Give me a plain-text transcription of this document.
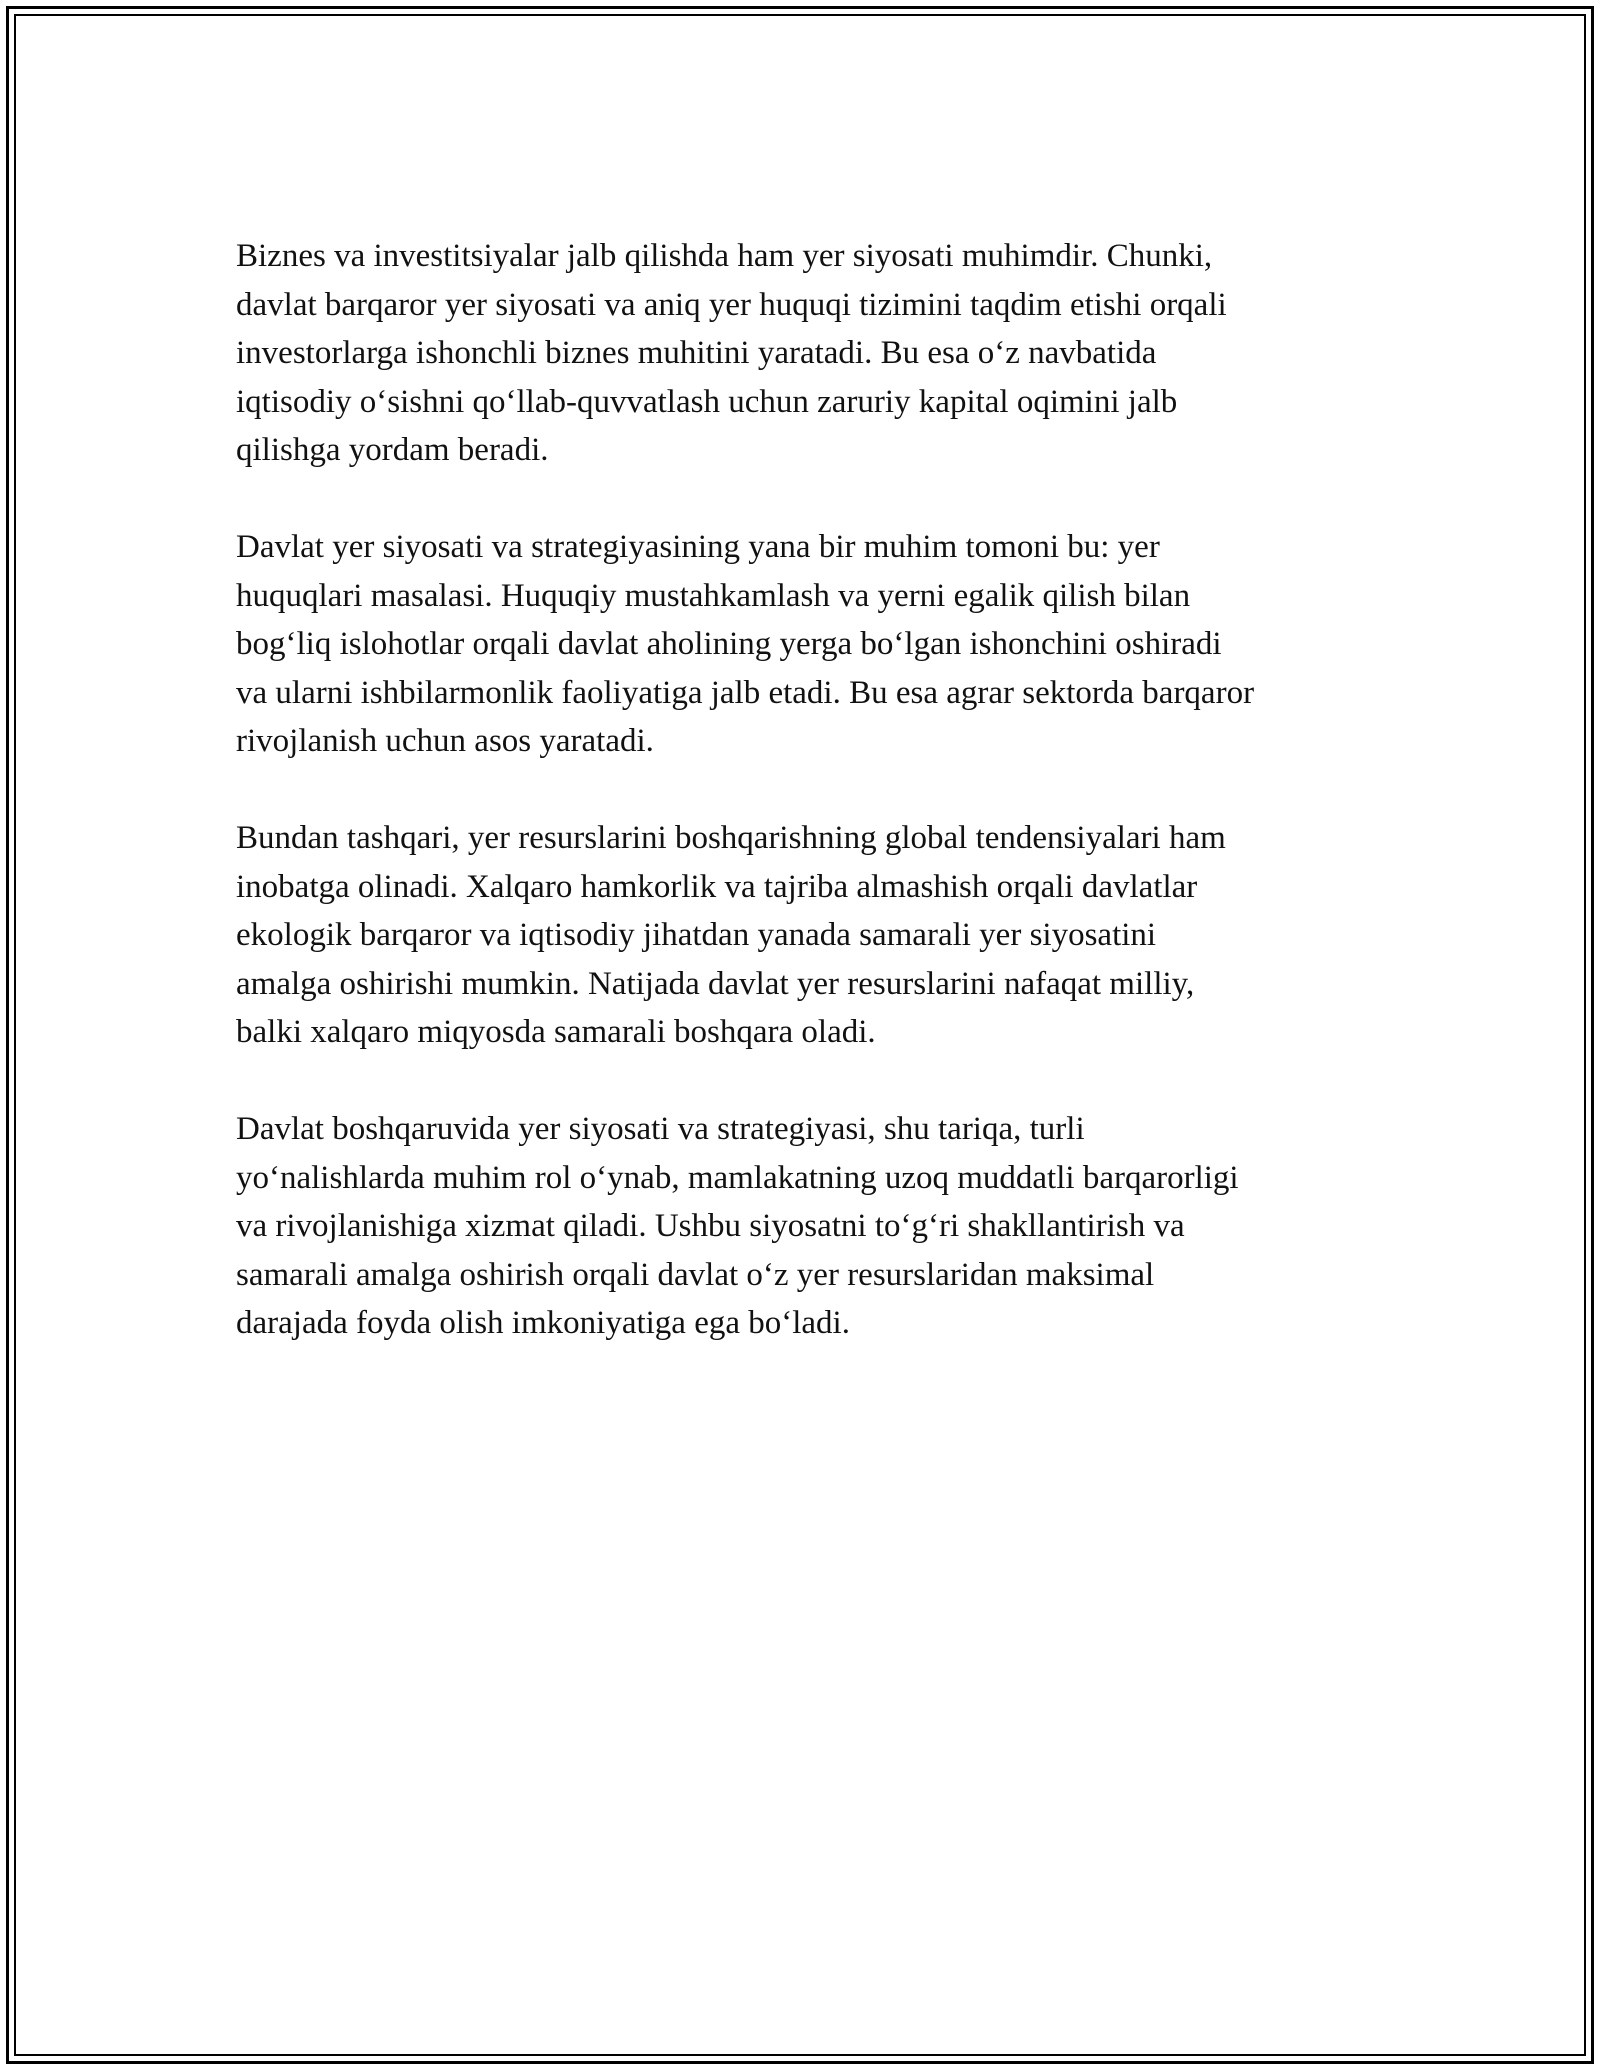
Biznes va investitsiyalar jalb qilishda ham yer siyosati muhimdir. Chunki,
davlat barqaror yer siyosati va aniq yer huquqi tizimini taqdim etishi orqali
investorlarga ishonchli biznes muhitini yaratadi. Bu esa o‘z navbatida
iqtisodiy o‘sishni qo‘llab-quvvatlash uchun zaruriy kapital oqimini jalb
qilishga yordam beradi.

Davlat yer siyosati va strategiyasining yana bir muhim tomoni bu: yer
huquqlari masalasi. Huquqiy mustahkamlash va yerni egalik qilish bilan
bog‘liq islohotlar orqali davlat aholining yerga bo‘lgan ishonchini oshiradi
va ularni ishbilarmonlik faoliyatiga jalb etadi. Bu esa agrar sektorda barqaror
rivojlanish uchun asos yaratadi.

Bundan tashqari, yer resurslarini boshqarishning global tendensiyalari ham
inobatga olinadi. Xalqaro hamkorlik va tajriba almashish orqali davlatlar
ekologik barqaror va iqtisodiy jihatdan yanada samarali yer siyosatini
amalga oshirishi mumkin. Natijada davlat yer resurslarini nafaqat milliy,
balki xalqaro miqyosda samarali boshqara oladi.

Davlat boshqaruvida yer siyosati va strategiyasi, shu tariqa, turli
yo‘nalishlarda muhim rol o‘ynab, mamlakatning uzoq muddatli barqarorligi
va rivojlanishiga xizmat qiladi. Ushbu siyosatni to‘g‘ri shakllantirish va
samarali amalga oshirish orqali davlat o‘z yer resurslaridan maksimal
darajada foyda olish imkoniyatiga ega bo‘ladi.
